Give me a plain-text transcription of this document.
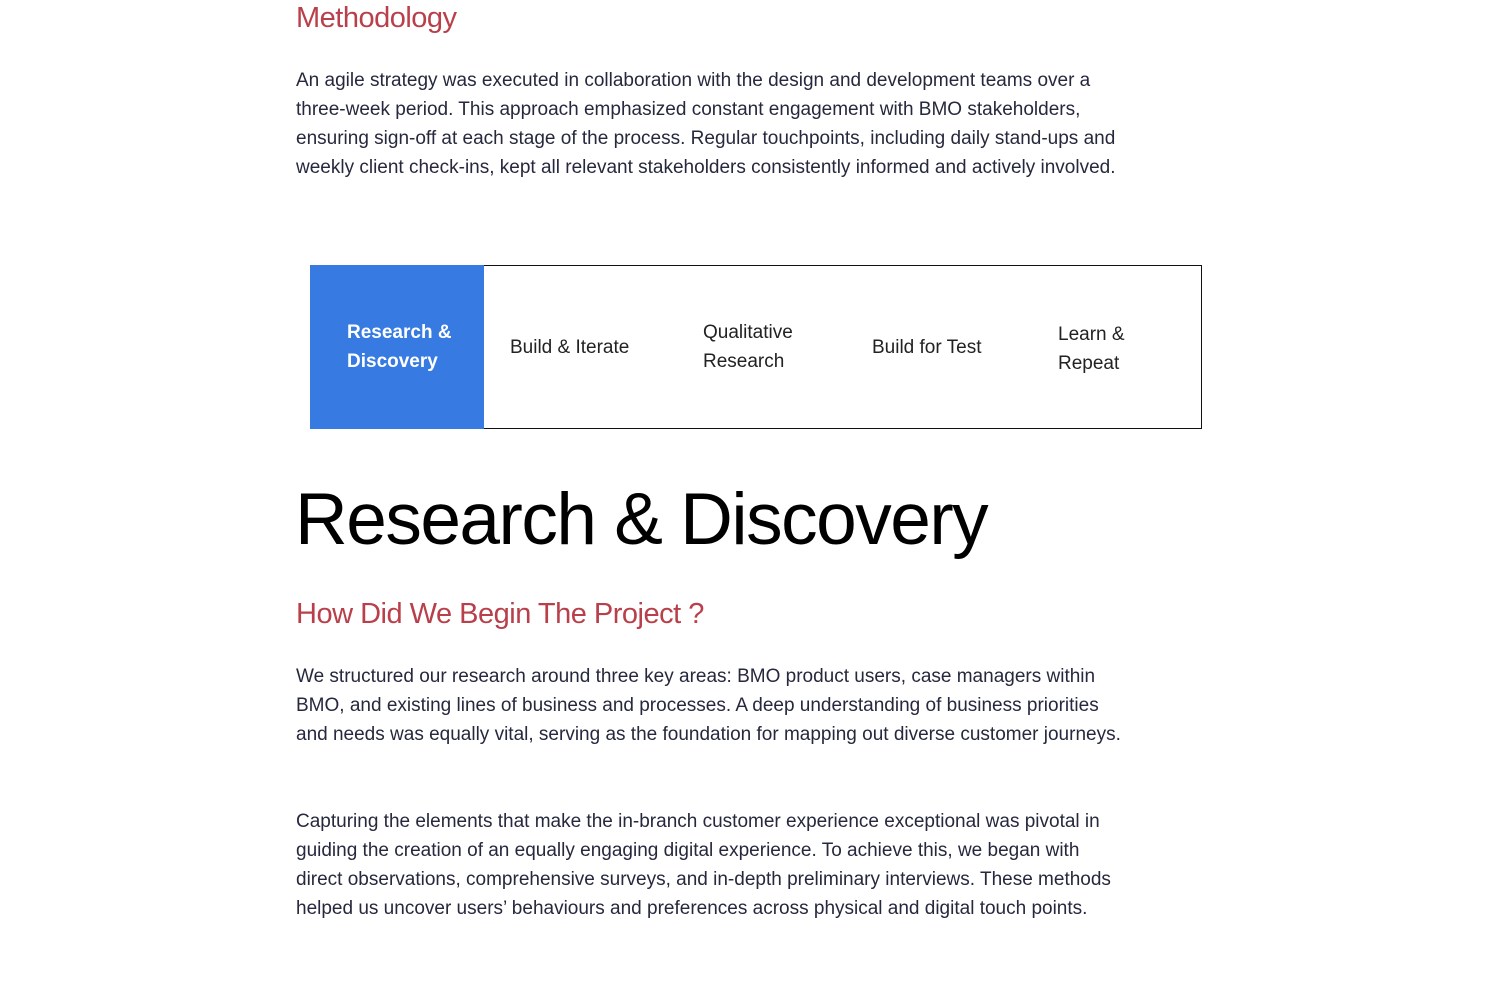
Methodology

An agile strategy was executed in collaboration with the design and development teams over a three-week period. This approach emphasized constant engagement with BMO stakeholders, ensuring sign-off at each stage of the process. Regular touchpoints, including daily stand-ups and weekly client check-ins, kept all relevant stakeholders consistently informed and actively involved.

Research & Discovery
Build & Iterate
Qualitative Research
Build for Test
Learn & Repeat
Research & Discovery
How Did We Begin The Project ?

We structured our research around three key areas: BMO product users, case managers within BMO, and existing lines of business and processes. A deep understanding of business priorities and needs was equally vital, serving as the foundation for mapping out diverse customer journeys.

Capturing the elements that make the in-branch customer experience exceptional was pivotal in guiding the creation of an equally engaging digital experience. To achieve this, we began with direct observations, comprehensive surveys, and in-depth preliminary interviews. These methods helped us uncover users’ behaviours and preferences across physical and digital touch points.
